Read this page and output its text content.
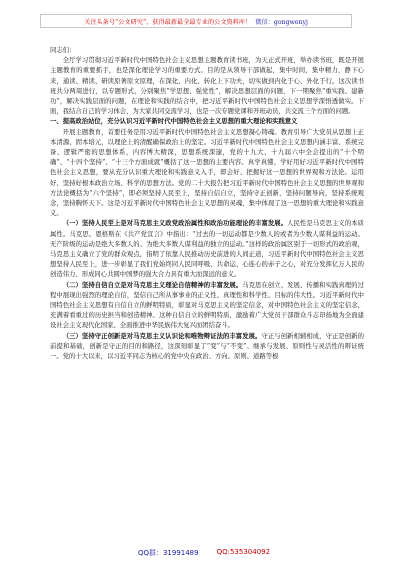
关注头条号“公文研究”，获得最新最全最专业的公文资料库！ 微信：gongwenyj

同志们：

全厅学习贯彻习近平新时代中国特色社会主义思想主题教育读书班，为天正式开班，举办读书班，既是开展主题教育的重要抓手，也是深化理论学习的重要方式。目的是从领导干部做起，集中时间，集中精力，静下心来，通读、精读、研读原著原文原理，在深化、内化、转化上下功夫，切实做到内化于心、外化于行。这次读书班共分两周进行，以专题形式，分别聚焦“学思想、强党性”，解决思想层面的问题，下一期聚焦“重实践、建新功”，解决实践层面的问题，在理论和实践的结合中，把习近平新时代中国特色社会主义思想学深悟透做实。下面，我结合自己的学习体会，为大家共同交流学习，也是一次专题党课和开班动员，共交流三个方面的问题。

一、提高政治站位，充分认识习近平新时代中国特色社会主义思想的重大理论和实践意义

开展主题教育，首要任务是用习近平新时代中国特色社会主义思想凝心铸魂。教育引导广大党员从思想上正本清源、固本培元，以理论上的清醒确保政治上的坚定。习近平新时代中国特色社会主义思想内涵丰富、系统完备、逻辑严密的思想体系，内容博大精深，思想系统深邃，党的十九大、十九届六中全会提出的“十个明确”、“十四个坚持”、“十三个方面成就”概括了这一思想的主要内容。真学真懂、学好用好习近平新时代中国特色社会主义思想，要从充分认识重大理论和实践意义入手，即会好、把握好这一思想的世界观和方法论。运用好、坚持好根本政治立场、科学的思想方法。党的二十大报告把习近平新时代中国特色社会主义思想的世界观和方法论概括为“六个坚持”，即必须坚持人民至上，坚持自信自立，坚持守正创新，坚持问题导向，坚持系统观念，坚持胸怀天下。这是习近平新时代中国特色社会主义思想的灵魂，集中体现了这一思想的重大理论和实践意义。

（一）坚持人民至上是对马克思主义政党政治属性和政治功能理论的丰富发展。人民性是马克思主义的本质属性。马克思、恩格斯在《共产党宣言》中指出：“过去的一切运动都是少数人的或者为少数人谋利益的运动。无产阶级的运动是绝大多数人的、为绝大多数人谋利益的独立的运动。”这样的政治属区别于一切形式的政治观，马克思主义确立了党的群众观点，指明了依靠人民推动历史前进的人间正道，习近平新时代中国特色社会主义思想坚持人民至上，进一步彰显了我们党始终同人民同呼吸、共命运、心连心的赤子之心，对充分发挥亿万人民的创造伟力、形成同心共圆中国梦的强大合力具有重大而深远的意义。

（二）坚持自信自立是对马克思主义理论自信精神的丰富发展。马克思在创立、发展、传播和实践真理的过程中展现出强烈的理论自信，坚信自己所从事事业的正义性、真理性和科学性、目标的伟大性。习近平新时代中国特色社会主义思想有自信自立的鲜明特质，彰显对马克思主义的坚定信念，对中国特色社会主义的坚定信念，充满着看重过的历史担当和创造精神。这种自信自立的鲜明特质，激励着广大党员干部群众斗志昂扬地为全面建设社会主义现代化国家、全面推进中华民族伟大复兴而团结奋斗。

（三）坚持守正创新是对马克思主义认识论和唯物辩证法的丰富发展。守正与创新相辅相成，守正是创新的前提和基础，创新是守正的目的和路径，这深刻彰显了“变”与“不变”、继承与发展、原则性与灵活性的辩证统一。党的十大以来，以习近平同志为核心的党中央在政治、方向、原则、道路等根

QQ群：31991489	QQ:535304092
